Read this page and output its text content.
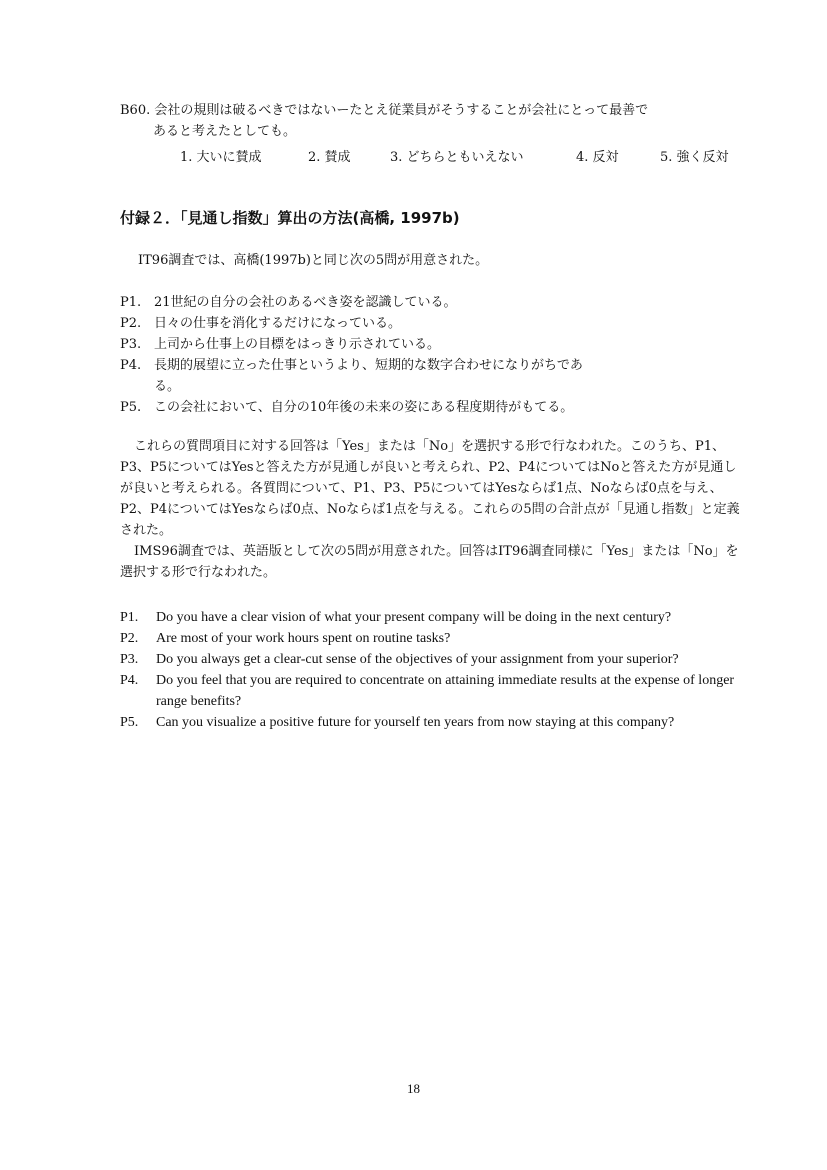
B60. 会社の規則は破るべきではないーたとえ従業員がそうすることが会社にとって最善で
あると考えたとしても。
1. 大いに賛成	2. 賛成	3. どちらともいえない	4. 反対	5. 強く反対
付録２．「見通し指数」算出の方法(高橋, 1997b)
IT96調査では、高橋(1997b)と同じ次の5問が用意された。
P1. 21世紀の自分の会社のあるべき姿を認識している。
P2. 日々の仕事を消化するだけになっている。
P3. 上司から仕事上の目標をはっきり示されている。
P4. 長期的展望に立った仕事というより、短期的な数字合わせになりがちであ
る。
P5. この会社において、自分の10年後の未来の姿にある程度期待がもてる。
これらの質問項目に対する回答は「Yes」または「No」を選択する形で行なわれた。このうち、P1、P3、P5についてはYesと答えた方が見通しが良いと考えられ、P2、P4についてはNoと答えた方が見通しが良いと考えられる。各質問について、P1、P3、P5についてはYesならば1点、Noならば0点を与え、P2、P4についてはYesならば0点、Noならば1点を与える。これらの5問の合計点が「見通し指数」と定義された。
IMS96調査では、英語版として次の5問が用意された。回答はIT96調査同様に「Yes」または「No」を選択する形で行なわれた。
P1. Do you have a clear vision of what your present company will be doing in the next century?
P2. Are most of your work hours spent on routine tasks?
P3. Do you always get a clear-cut sense of the objectives of your assignment from your superior?
P4. Do you feel that you are required to concentrate on attaining immediate results at the expense of longer range benefits?
P5. Can you visualize a positive future for yourself ten years from now staying at this company?
18
